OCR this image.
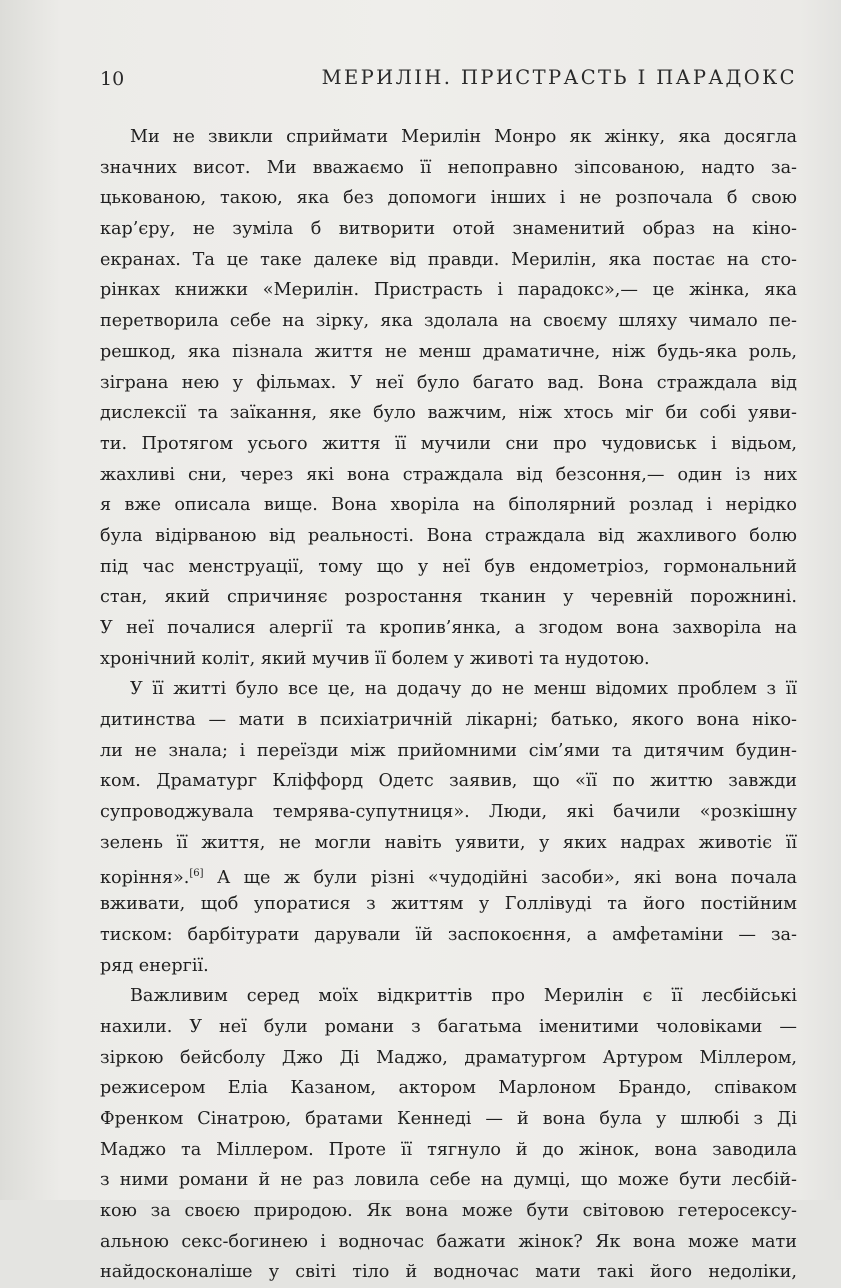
10	МЕРИЛІН. ПРИСТРАСТЬ І ПАРАДОКС
Ми не звикли сприймати Мерилін Монро як жінку, яка досягла
значних висот. Ми вважаємо її непоправно зіпсованою, надто за-
цькованою, такою, яка без допомоги інших і не розпочала б свою
кар’єру, не зуміла б витворити отой знаменитий образ на кіно-
екранах. Та це таке далеке від правди. Мерилін, яка постає на сто-
рінках книжки «Мерилін. Пристрасть і парадокс»,— це жінка, яка
перетворила себе на зірку, яка здолала на своєму шляху чимало пе-
решкод, яка пізнала життя не менш драматичне, ніж будь-яка роль,
зіграна нею у фільмах. У неї було багато вад. Вона страждала від
дислексії та заїкання, яке було важчим, ніж хтось міг би собі уяви-
ти. Протягом усього життя її мучили сни про чудовиськ і відьом,
жахливі сни, через які вона страждала від безсоння,— один із них
я вже описала вище. Вона хворіла на біполярний розлад і нерідко
була відірваною від реальності. Вона страждала від жахливого болю
під час менструації, тому що у неї був ендометріоз, гормональний
стан, який спричиняє розростання тканин у черевній порожнині.
У неї почалися алергії та кропив’янка, а згодом вона захворіла на
хронічний коліт, який мучив її болем у животі та нудотою.
У її житті було все це, на додачу до не менш відомих проблем з її
дитинства — мати в психіатричній лікарні; батько, якого вона ніко-
ли не знала; і переїзди між прийомними сім’ями та дитячим будин-
ком. Драматург Кліффорд Одетс заявив, що «її по життю завжди
супроводжувала темрява-супутниця». Люди, які бачили «розкішну
зелень її життя, не могли навіть уявити, у яких надрах животіє її
коріння».[6] А ще ж були різні «чудодійні засоби», які вона почала
вживати, щоб упоратися з життям у Голлівуді та його постійним
тиском: барбітурати дарували їй заспокоєння, а амфетаміни — за-
ряд енергії.
Важливим серед моїх відкриттів про Мерилін є її лесбійські
нахили. У неї були романи з багатьма іменитими чоловіками —
зіркою бейсболу Джо Ді Маджо, драматургом Артуром Міллером,
режисером Еліа Казаном, актором Марлоном Брандо, співаком
Френком Сінатрою, братами Кеннеді — й вона була у шлюбі з Ді
Маджо та Міллером. Проте її тягнуло й до жінок, вона заводила
з ними романи й не раз ловила себе на думці, що може бути лесбій-
кою за своєю природою. Як вона може бути світовою гетеросексу-
альною секс-богинею і водночас бажати жінок? Як вона може мати
найдосконаліше у світі тіло й водночас мати такі його недоліки,
